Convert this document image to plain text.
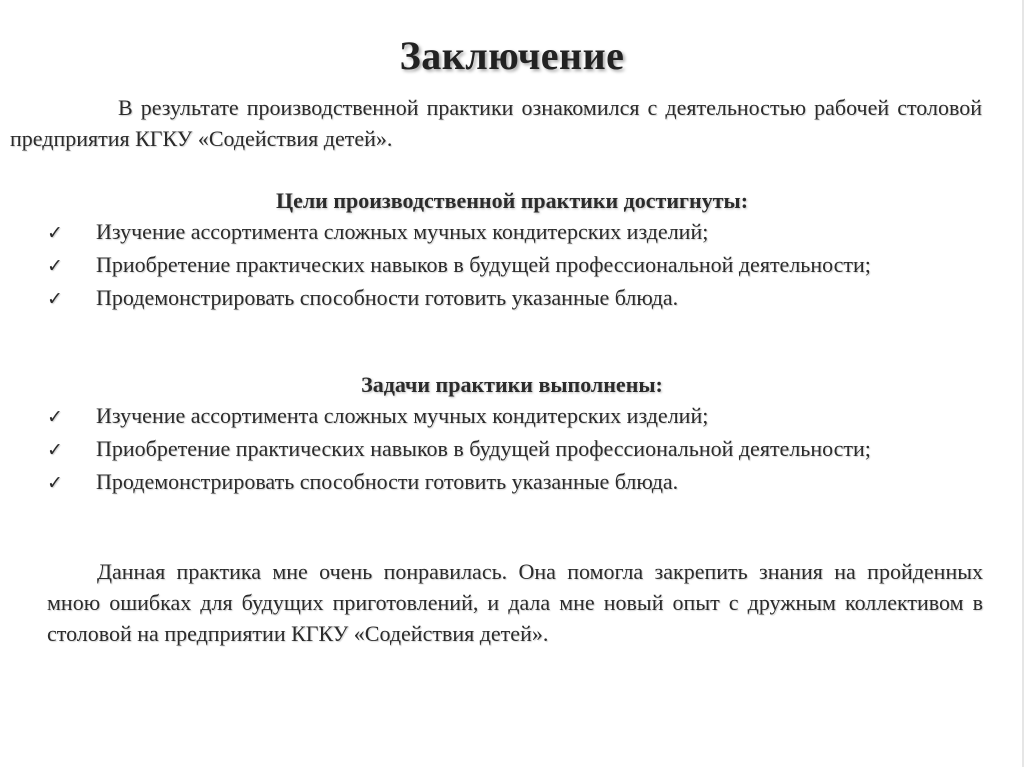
Заключение
В результате производственной практики ознакомился с деятельностью рабочей столовой предприятия КГКУ «Содействия детей».
Цели производственной практики достигнуты:
✓ Изучение ассортимента сложных мучных кондитерских изделий;
✓ Приобретение практических навыков в будущей профессиональной деятельности;
✓ Продемонстрировать способности готовить указанные блюда.
Задачи практики выполнены:
✓ Изучение ассортимента сложных мучных кондитерских изделий;
✓ Приобретение практических навыков в будущей профессиональной деятельности;
✓ Продемонстрировать способности готовить указанные блюда.
Данная практика мне очень понравилась. Она помогла закрепить знания на пройденных мною ошибках для будущих приготовлений, и дала мне новый опыт с дружным коллективом в столовой на предприятии КГКУ «Содействия детей».
